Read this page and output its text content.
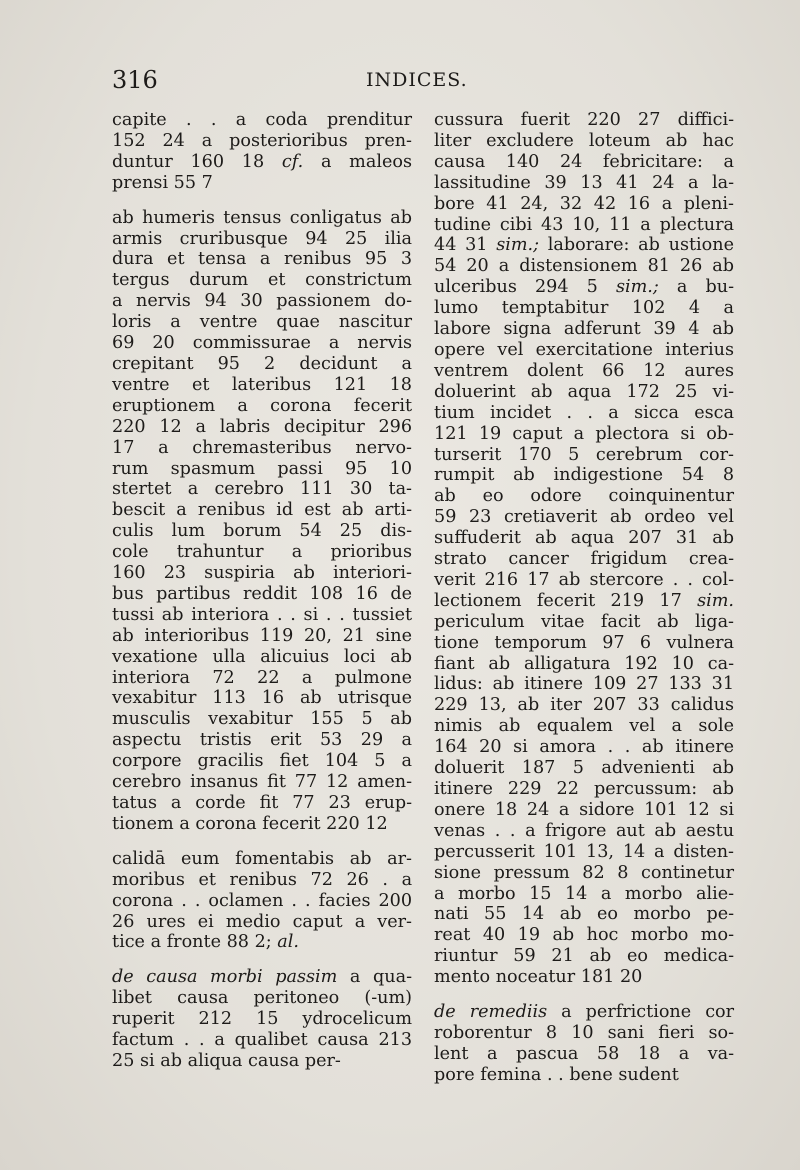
316	INDICES.
capite . . a coda prenditur
152 24 a posterioribus pren-
duntur 160 18 cf. a maleos
prensi 55 7
ab humeris tensus conligatus ab
armis cruribusque 94 25 ilia
dura et tensa a renibus 95 3
tergus durum et constrictum
a nervis 94 30 passionem do-
loris a ventre quae nascitur
69 20 commissurae a nervis
crepitant 95 2 decidunt a
ventre et lateribus 121 18
eruptionem a corona fecerit
220 12 a labris decipitur 296
17 a chremasteribus nervo-
rum spasmum passi 95 10
stertet a cerebro 111 30 ta-
bescit a renibus id est ab arti-
culis lum borum 54 25 dis-
cole trahuntur a prioribus
160 23 suspiria ab interiori-
bus partibus reddit 108 16 de
tussi ab interiora . . si . . tussiet
ab interioribus 119 20, 21 sine
vexatione ulla alicuius loci ab
interiora 72 22 a pulmone
vexabitur 113 16 ab utrisque
musculis vexabitur 155 5 ab
aspectu tristis erit 53 29 a
corpore gracilis fiet 104 5 a
cerebro insanus fit 77 12 amen-
tatus a corde fit 77 23 erup-
tionem a corona fecerit 220 12
calidā eum fomentabis ab ar-
moribus et renibus 72 26 . a
corona . . oclamen . . facies 200
26 ures ei medio caput a ver-
tice a fronte 88 2; al.
de causa morbi passim a qua-
libet causa peritoneo (-um)
ruperit 212 15 ydrocelicum
factum . . a qualibet causa 213
25 si ab aliqua causa per-
cussura fuerit 220 27 diffici-
liter excludere loteum ab hac
causa 140 24 febricitare: a
lassitudine 39 13 41 24 a la-
bore 41 24, 32 42 16 a pleni-
tudine cibi 43 10, 11 a plectura
44 31 sim.; laborare: ab ustione
54 20 a distensionem 81 26 ab
ulceribus 294 5 sim.; a bu-
lumo temptabitur 102 4 a
labore signa adferunt 39 4 ab
opere vel exercitatione interius
ventrem dolent 66 12 aures
doluerint ab aqua 172 25 vi-
tium incidet . . a sicca esca
121 19 caput a plectora si ob-
turserit 170 5 cerebrum cor-
rumpit ab indigestione 54 8
ab eo odore coinquinentur
59 23 cretiaverit ab ordeo vel
suffuderit ab aqua 207 31 ab
strato cancer frigidum crea-
verit 216 17 ab stercore . . col-
lectionem fecerit 219 17 sim.
periculum vitae facit ab liga-
tione temporum 97 6 vulnera
fiant ab alligatura 192 10 ca-
lidus: ab itinere 109 27 133 31
229 13, ab iter 207 33 calidus
nimis ab equalem vel a sole
164 20 si amora . . ab itinere
doluerit 187 5 advenienti ab
itinere 229 22 percussum: ab
onere 18 24 a sidore 101 12 si
venas . . a frigore aut ab aestu
percusserit 101 13, 14 a disten-
sione pressum 82 8 continetur
a morbo 15 14 a morbo alie-
nati 55 14 ab eo morbo pe-
reat 40 19 ab hoc morbo mo-
riuntur 59 21 ab eo medica-
mento noceatur 181 20
de remediis a perfrictione cor
roborentur 8 10 sani fieri so-
lent a pascua 58 18 a va-
pore femina . . bene sudent
